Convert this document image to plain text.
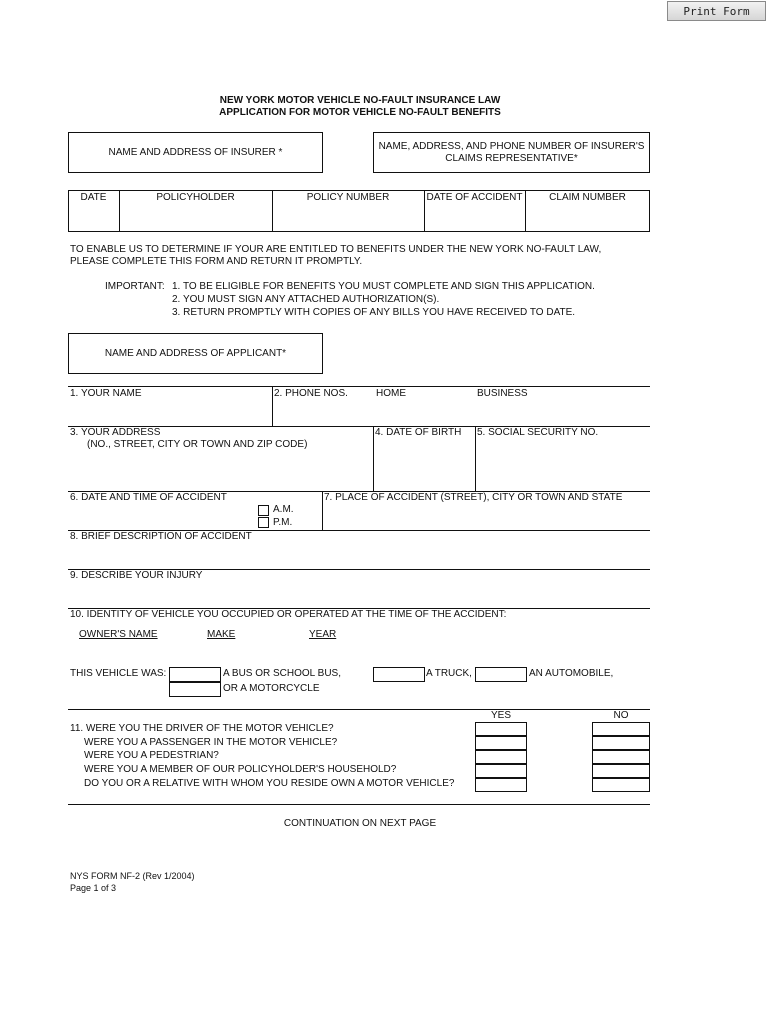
Print Form
NEW YORK MOTOR VEHICLE NO-FAULT INSURANCE LAW
APPLICATION FOR MOTOR VEHICLE NO-FAULT BENEFITS
NAME AND ADDRESS OF INSURER *
NAME, ADDRESS, AND PHONE NUMBER OF INSURER'S
CLAIMS REPRESENTATIVE*
DATE	POLICYHOLDER	POLICY NUMBER	DATE OF ACCIDENT	CLAIM NUMBER
TO ENABLE US TO DETERMINE IF YOUR ARE ENTITLED TO BENEFITS UNDER THE NEW YORK NO-FAULT LAW,
PLEASE COMPLETE THIS FORM AND RETURN IT PROMPTLY.
IMPORTANT: 1. TO BE ELIGIBLE FOR BENEFITS YOU MUST COMPLETE AND SIGN THIS APPLICATION.
2. YOU MUST SIGN ANY ATTACHED AUTHORIZATION(S).
3. RETURN PROMPTLY WITH COPIES OF ANY BILLS YOU HAVE RECEIVED TO DATE.
NAME AND ADDRESS OF APPLICANT*
1. YOUR NAME	2. PHONE NOS.	HOME	BUSINESS
3. YOUR ADDRESS
(NO., STREET, CITY OR TOWN AND ZIP CODE)
4. DATE OF BIRTH 5. SOCIAL SECURITY NO.
6. DATE AND TIME OF ACCIDENT
A.M.
P.M.
7. PLACE OF ACCIDENT (STREET), CITY OR TOWN AND STATE
8. BRIEF DESCRIPTION OF ACCIDENT
9. DESCRIBE YOUR INJURY
10. IDENTITY OF VEHICLE YOU OCCUPIED OR OPERATED AT THE TIME OF THE ACCIDENT:
OWNER'S NAME	MAKE	YEAR
THIS VEHICLE WAS:	A BUS OR SCHOOL BUS,
OR A MOTORCYCLE
A TRUCK,	AN AUTOMOBILE,
YES	NO
11. WERE YOU THE DRIVER OF THE MOTOR VEHICLE?
WERE YOU A PASSENGER IN THE MOTOR VEHICLE?
WERE YOU A PEDESTRIAN?
WERE YOU A MEMBER OF OUR POLICYHOLDER'S HOUSEHOLD?
DO YOU OR A RELATIVE WITH WHOM YOU RESIDE OWN A MOTOR VEHICLE?
CONTINUATION ON NEXT PAGE
NYS FORM NF-2 (Rev 1/2004)
Page 1 of 3
